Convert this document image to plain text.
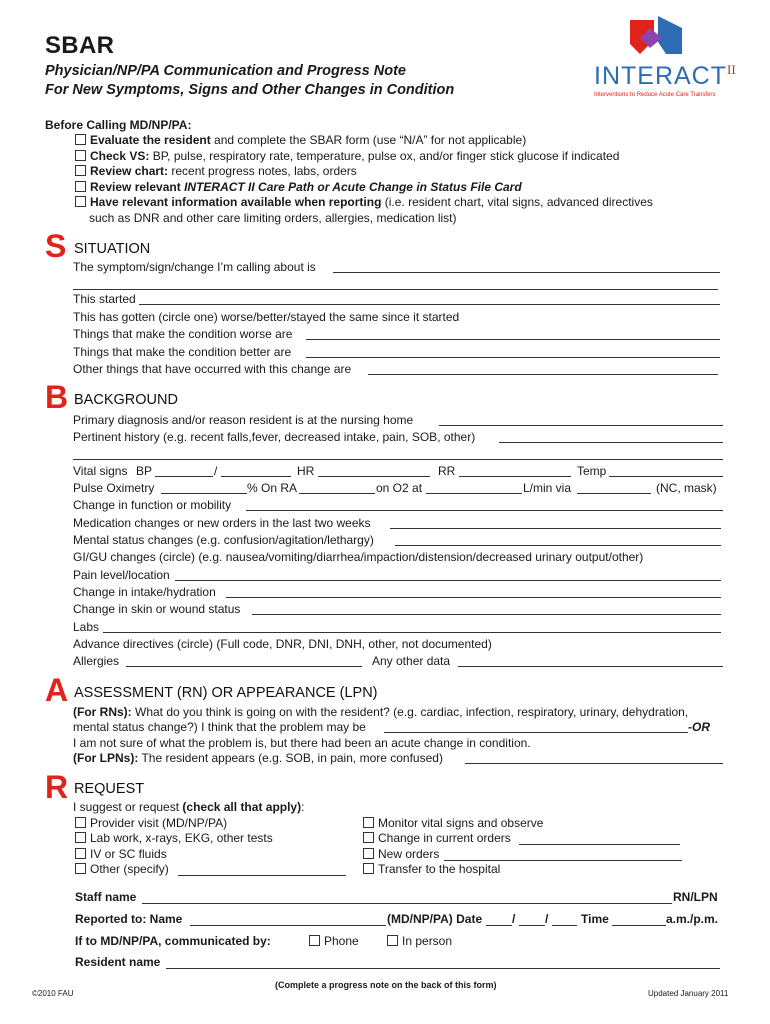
SBAR
Physician/NP/PA Communication and Progress Note
For New Symptoms, Signs and Other Changes in Condition	$INTERACT^{II}$
Interventions to Reduce Acute Care Transfers
Before Calling MD/NP/PA:
Evaluate the resident and complete the SBAR form (use “N/A” for not applicable)
Check VS: BP, pulse, respiratory rate, temperature, pulse ox, and/or finger stick glucose if indicated
Review chart: recent progress notes, labs, orders
Review relevant INTERACT II Care Path or Acute Change in Status File Card
Have relevant information available when reporting (i.e. resident chart, vital signs, advanced directives
such as DNR and other care limiting orders, allergies, medication list)
S SITUATION
The symptom/sign/change I’m calling about is
This started
This has gotten (circle one) worse/better/stayed the same since it started
Things that make the condition worse are
Things that make the condition better are
Other things that have occurred with this change are
B BACKGROUND
Primary diagnosis and/or reason resident is at the nursing home
Pertinent history (e.g. recent falls,fever, decreased intake, pain, SOB, other)
Vital signs BP	/	HR	RR	Temp
Pulse Oximetry	% On RA	on O2 at	L/min via	(NC, mask)
Change in function or mobility
Medication changes or new orders in the last two weeks
Mental status changes (e.g. confusion/agitation/lethargy)
GI/GU changes (circle) (e.g. nausea/vomiting/diarrhea/impaction/distension/decreased urinary output/other)
Pain level/location
Change in intake/hydration
Change in skin or wound status
Labs
Advance directives (circle) (Full code, DNR, DNI, DNH, other, not documented)
Allergies	Any other data
A ASSESSMENT (RN) OR APPEARANCE (LPN)
(For RNs): What do you think is going on with the resident? (e.g. cardiac, infection, respiratory, urinary, dehydration,
mental status change?) I think that the problem may be	-OR
I am not sure of what the problem is, but there had been an acute change in condition.
(For LPNs): The resident appears (e.g. SOB, in pain, more confused)
R REQUEST
I suggest or request (check all that apply):
Provider visit (MD/NP/PA)
Lab work, x-rays, EKG, other tests
IV or SC fluids
Other (specify)
Monitor vital signs and observe
Change in current orders
New orders
Transfer to the hospital
Staff name	RN/LPN
Reported to: Name	(MD/NP/PA) Date / /	Time	a.m./p.m.
If to MD/NP/PA, communicated by:	Phone	In person
Resident name
(Complete a progress note on the back of this form)
©2010 FAU	Updated January 2011
